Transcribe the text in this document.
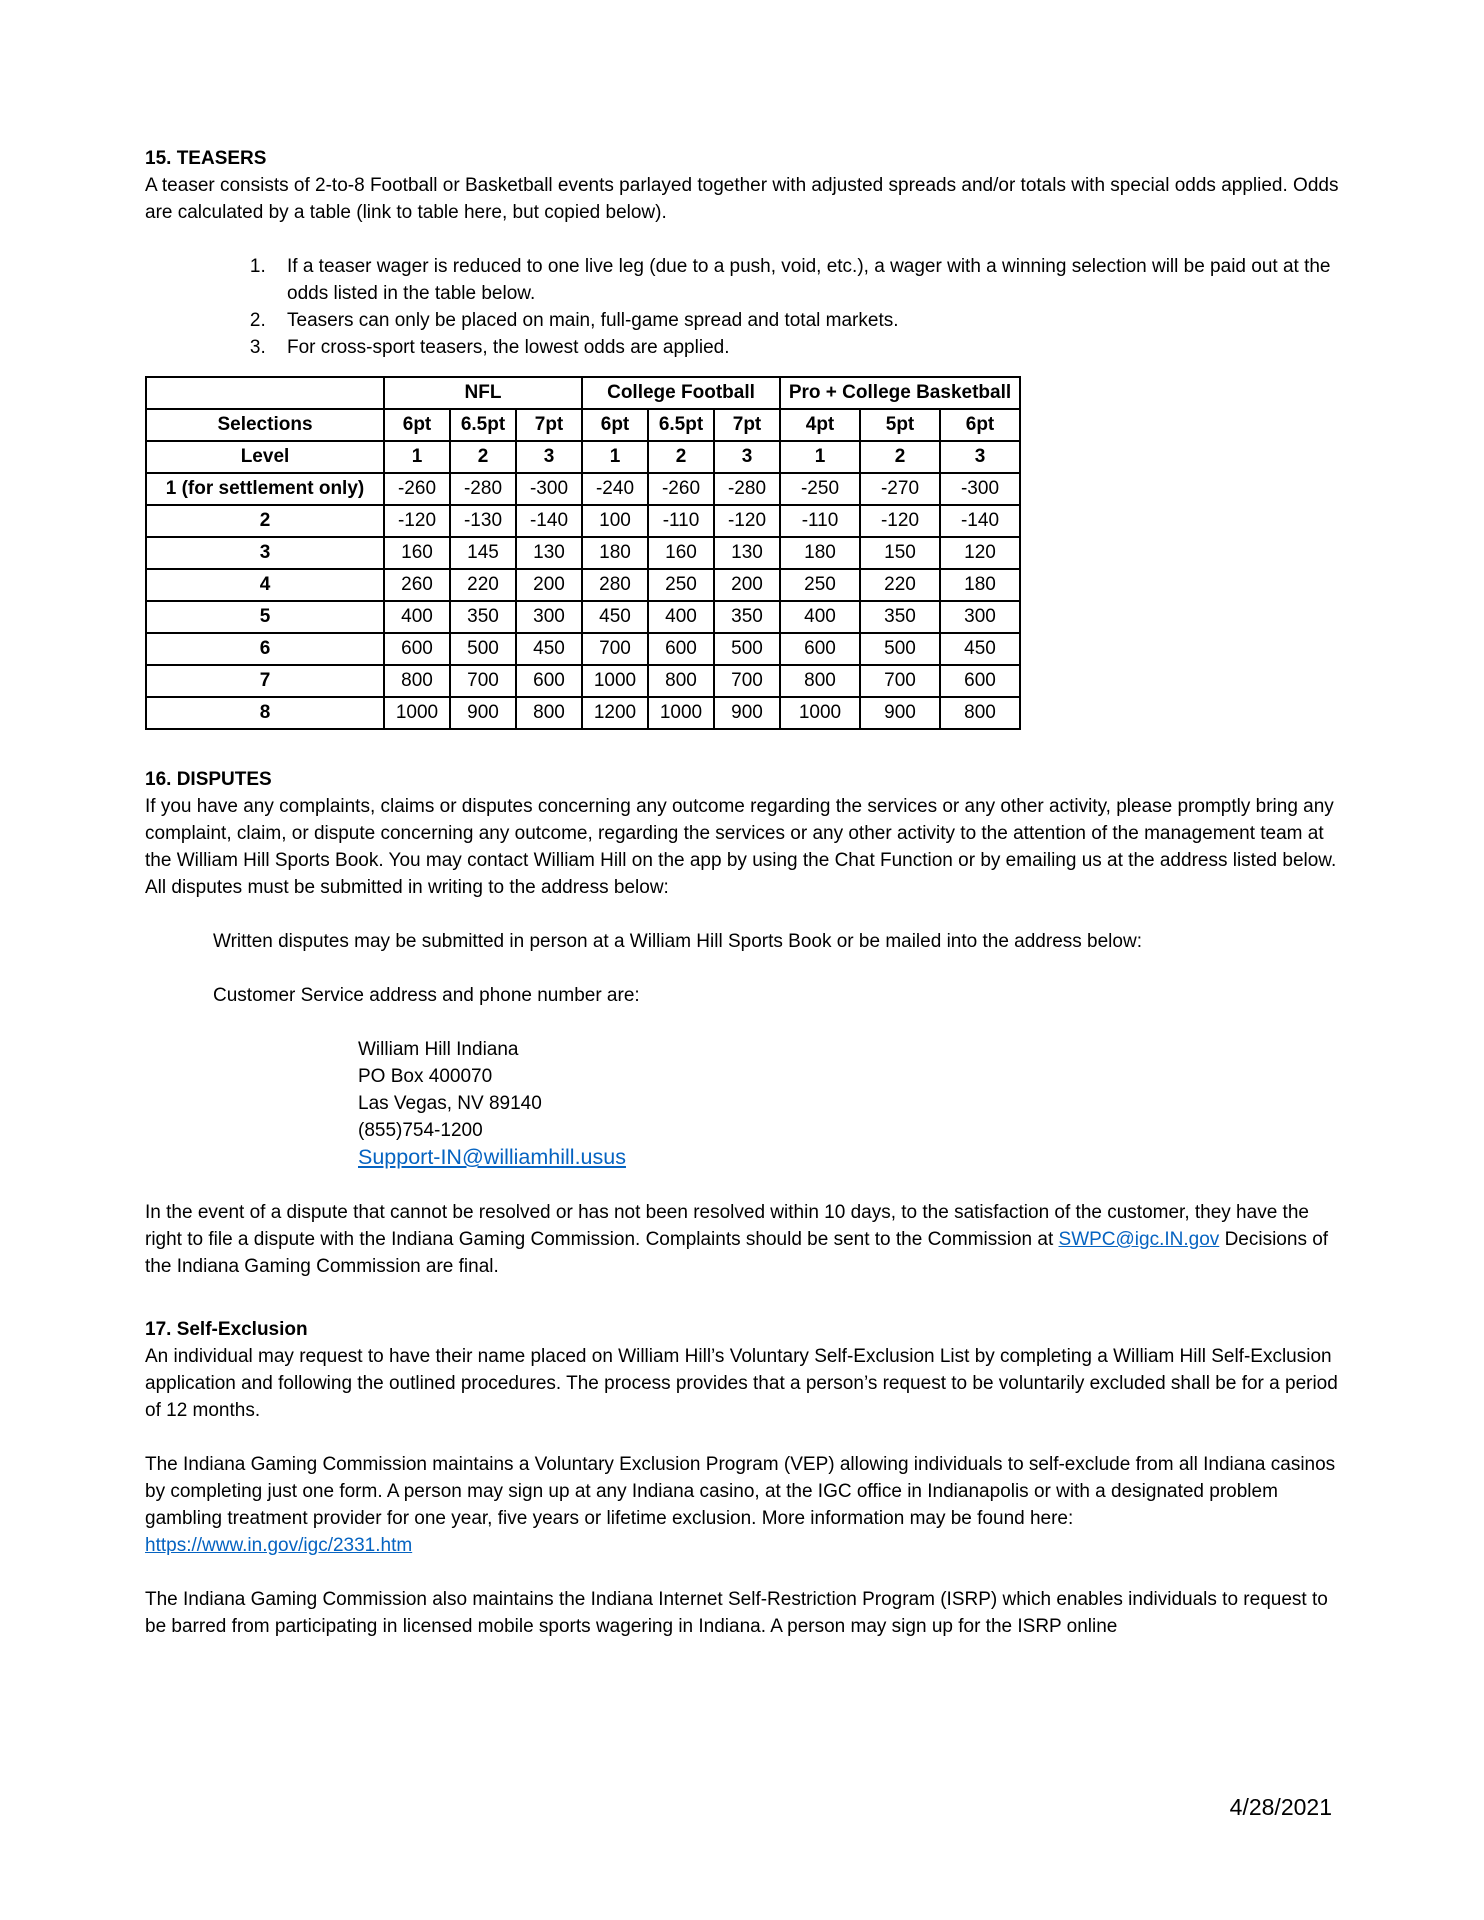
15. TEASERS

A teaser consists of 2-to-8 Football or Basketball events parlayed together with adjusted spreads and/or totals with special odds applied. Odds are calculated by a table (link to table here, but copied below).

1. If a teaser wager is reduced to one live leg (due to a push, void, etc.), a wager with a winning selection will be paid out at the odds listed in the table below.
2. Teasers can only be placed on main, full-game spread and total markets.
3. For cross-sport teasers, the lowest odds are applied.
	NFL			College Football			Pro + College Basketball		
Selections	6pt	6.5pt	7pt	6pt	6.5pt	7pt	4pt	5pt	6pt
Level	1	2	3	1	2	3	1	2	3
1 (for settlement only)	-260	-280	-300	-240	-260	-280	-250	-270	-300
2	-120	-130	-140	100	-110	-120	-110	-120	-140
3	160	145	130	180	160	130	180	150	120
4	260	220	200	280	250	200	250	220	180
5	400	350	300	450	400	350	400	350	300
6	600	500	450	700	600	500	600	500	450
7	800	700	600	1000	800	700	800	700	600
8	1000	900	800	1200	1000	900	1000	900	800
16. DISPUTES

If you have any complaints, claims or disputes concerning any outcome regarding the services or any other activity, please promptly bring any complaint, claim, or dispute concerning any outcome, regarding the services or any other activity to the attention of the management team at the William Hill Sports Book. You may contact William Hill on the app by using the Chat Function or by emailing us at the address listed below. All disputes must be submitted in writing to the address below:

Written disputes may be submitted in person at a William Hill Sports Book or be mailed into the address below:

Customer Service address and phone number are:

William Hill Indiana
PO Box 400070
Las Vegas, NV 89140
(855)754-1200
Support-IN@williamhill.usus

In the event of a dispute that cannot be resolved or has not been resolved within 10 days, to the satisfaction of the customer, they have the right to file a dispute with the Indiana Gaming Commission. Complaints should be sent to the Commission at SWPC@igc.IN.gov Decisions of the Indiana Gaming Commission are final.

17. Self-Exclusion

An individual may request to have their name placed on William Hill’s Voluntary Self-Exclusion List by completing a William Hill Self-Exclusion application and following the outlined procedures. The process provides that a person’s request to be voluntarily excluded shall be for a period of 12 months.

The Indiana Gaming Commission maintains a Voluntary Exclusion Program (VEP) allowing individuals to self-exclude from all Indiana casinos by completing just one form. A person may sign up at any Indiana casino, at the IGC office in Indianapolis or with a designated problem gambling treatment provider for one year, five years or lifetime exclusion. More information may be found here: https://www.in.gov/igc/2331.htm

The Indiana Gaming Commission also maintains the Indiana Internet Self-Restriction Program (ISRP) which enables individuals to request to be barred from participating in licensed mobile sports wagering in Indiana. A person may sign up for the ISRP online

4/28/2021
